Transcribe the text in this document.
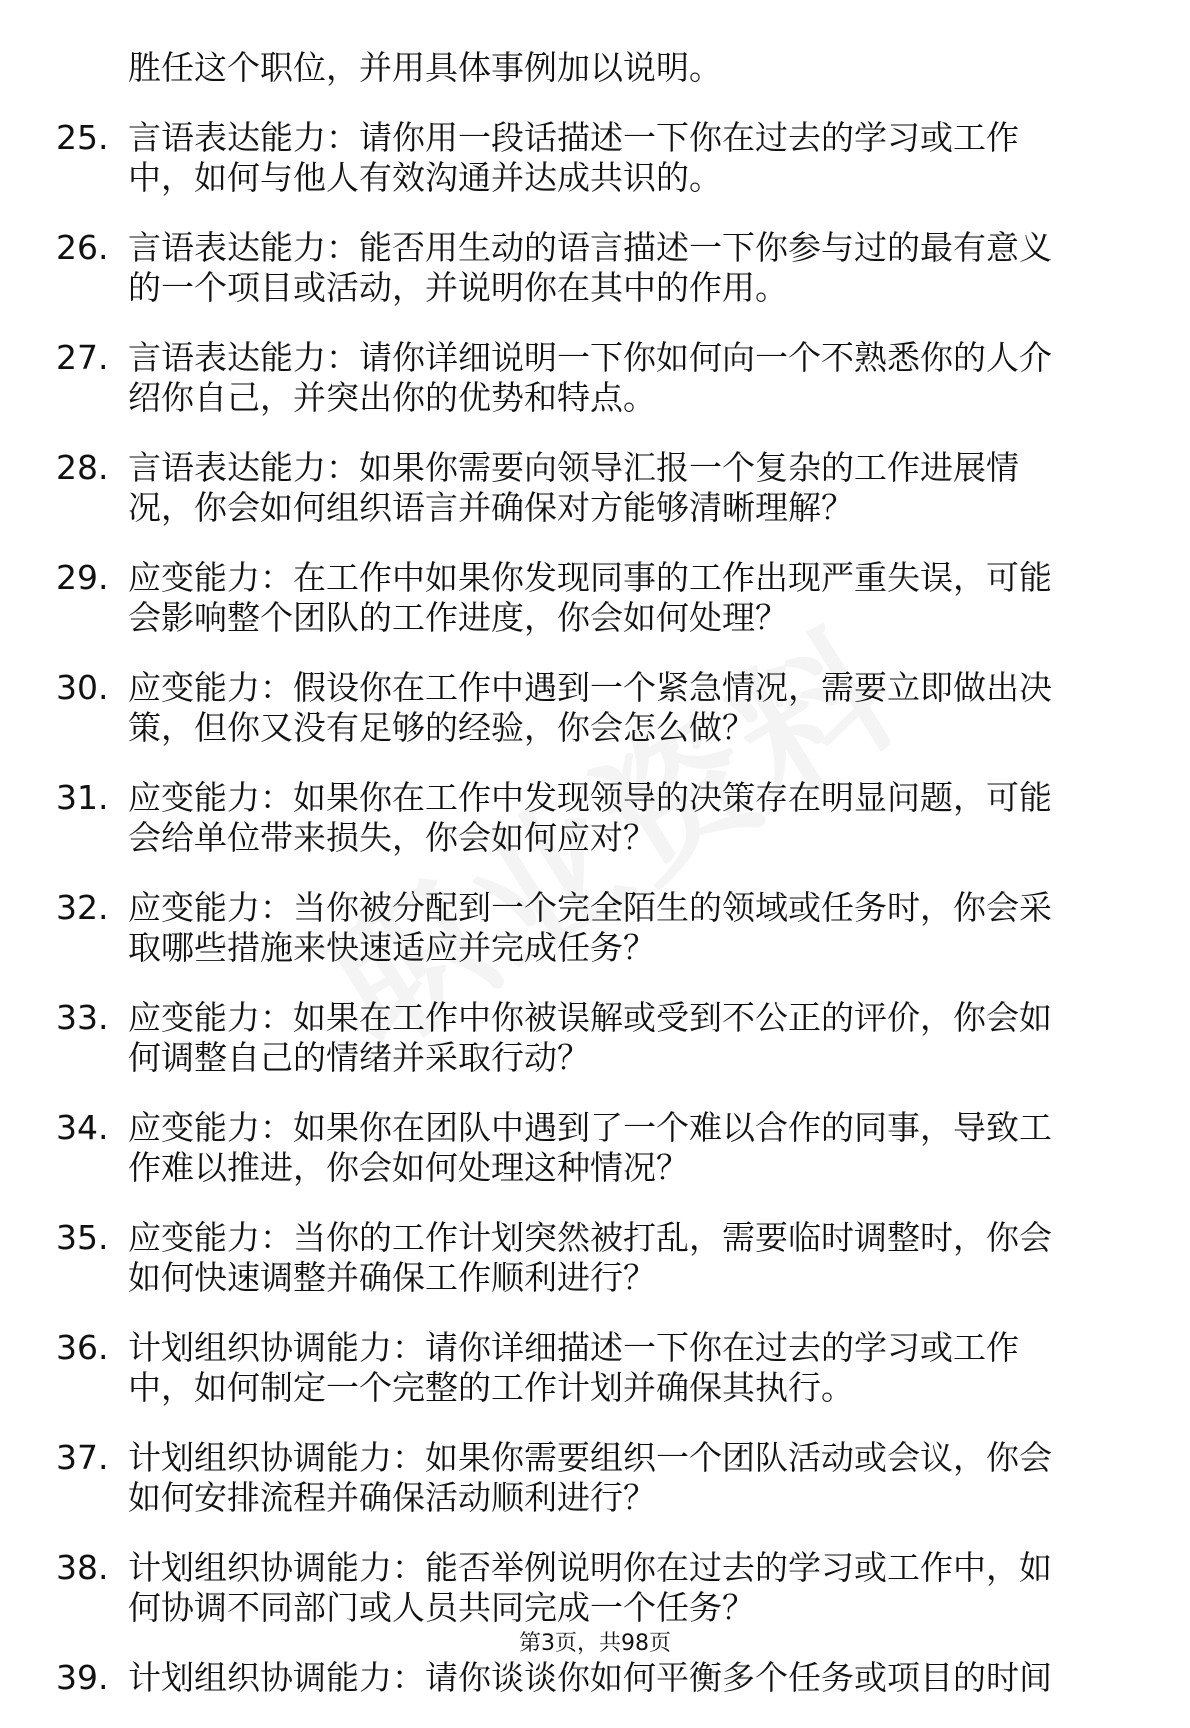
胜任这个职位，并用具体事例加以说明。
25. 言语表达能力：请你用一段话描述一下你在过去的学习或工作
中，如何与他人有效沟通并达成共识的。
26. 言语表达能力：能否用生动的语言描述一下你参与过的最有意义
的一个项目或活动，并说明你在其中的作用。
27. 言语表达能力：请你详细说明一下你如何向一个不熟悉你的人介
绍你自己，并突出你的优势和特点。
28. 言语表达能力：如果你需要向领导汇报一个复杂的工作进展情
况，你会如何组织语言并确保对方能够清晰理解？
29. 应变能力：在工作中如果你发现同事的工作出现严重失误，可能
会影响整个团队的工作进度，你会如何处理？
30. 应变能力：假设你在工作中遇到一个紧急情况，需要立即做出决
策，但你又没有足够的经验，你会怎么做？
31. 应变能力：如果你在工作中发现领导的决策存在明显问题，可能
会给单位带来损失，你会如何应对？
32. 应变能力：当你被分配到一个完全陌生的领域或任务时，你会采
取哪些措施来快速适应并完成任务？
33. 应变能力：如果在工作中你被误解或受到不公正的评价，你会如
何调整自己的情绪并采取行动？
34. 应变能力：如果你在团队中遇到了一个难以合作的同事，导致工
作难以推进，你会如何处理这种情况？
35. 应变能力：当你的工作计划突然被打乱，需要临时调整时，你会
如何快速调整并确保工作顺利进行？
36. 计划组织协调能力：请你详细描述一下你在过去的学习或工作
中，如何制定一个完整的工作计划并确保其执行。
37. 计划组织协调能力：如果你需要组织一个团队活动或会议，你会
如何安排流程并确保活动顺利进行？
38. 计划组织协调能力：能否举例说明你在过去的学习或工作中，如
何协调不同部门或人员共同完成一个任务？
39. 计划组织协调能力：请你谈谈你如何平衡多个任务或项目的时间
第3页，共98页
